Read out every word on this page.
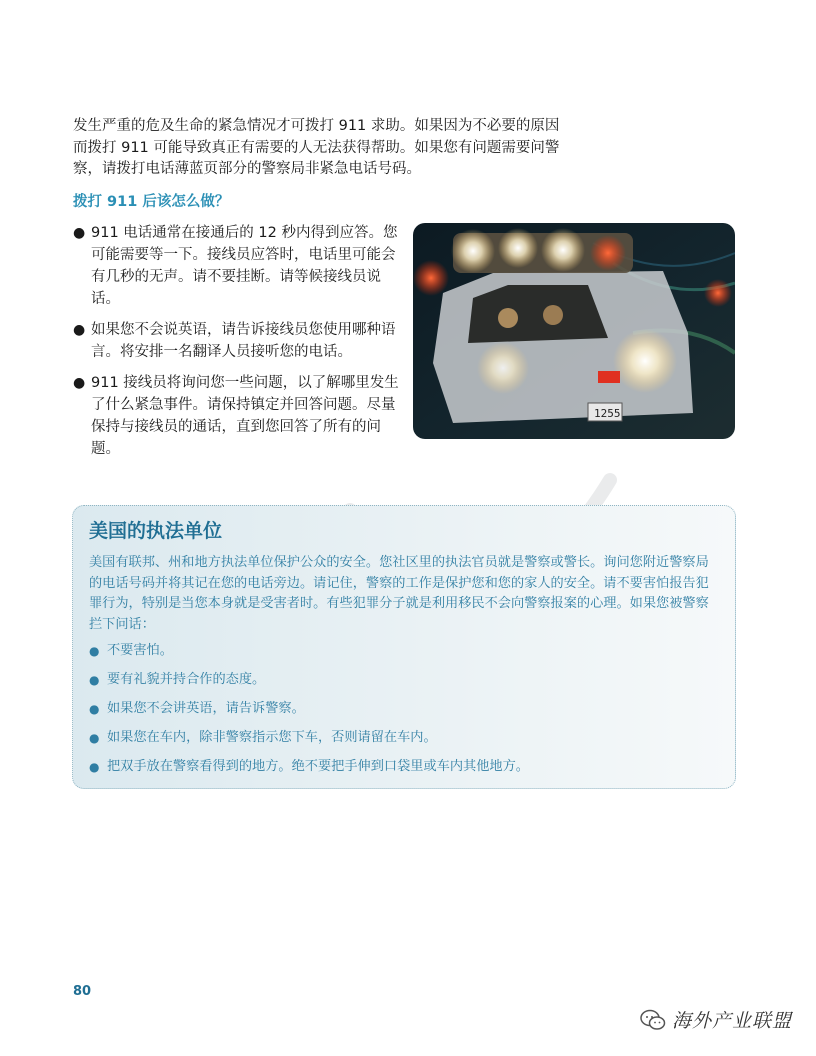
发生严重的危及生命的紧急情况才可拨打 911 求助。如果因为不必要的原因而拨打 911 可能导致真正有需要的人无法获得帮助。如果您有问题需要问警察，请拨打电话薄蓝页部分的警察局非紧急电话号码。

拨打 911 后该怎么做？
● 911 电话通常在接通后的 12 秒内得到应答。您可能需要等一下。接线员应答时，电话里可能会有几秒的无声。请不要挂断。请等候接线员说话。
● 如果您不会说英语，请告诉接线员您使用哪种语言。将安排一名翻译人员接听您的电话。
● 911 接线员将询问您一些问题，以了解哪里发生了什么紧急事件。请保持镇定并回答问题。尽量保持与接线员的通话，直到您回答了所有的问题。
1255
美国的执法单位

美国有联邦、州和地方执法单位保护公众的安全。您社区里的执法官员就是警察或警长。询问您附近警察局的电话号码并将其记在您的电话旁边。请记住，警察的工作是保护您和您的家人的安全。请不要害怕报告犯罪行为，特别是当您本身就是受害者时。有些犯罪分子就是利用移民不会向警察报案的心理。如果您被警察拦下问话：

● 不要害怕。
● 要有礼貌并持合作的态度。
● 如果您不会讲英语，请告诉警察。
● 如果您在车内，除非警察指示您下车，否则请留在车内。
● 把双手放在警察看得到的地方。绝不要把手伸到口袋里或车内其他地方。
80
海外产业联盟
